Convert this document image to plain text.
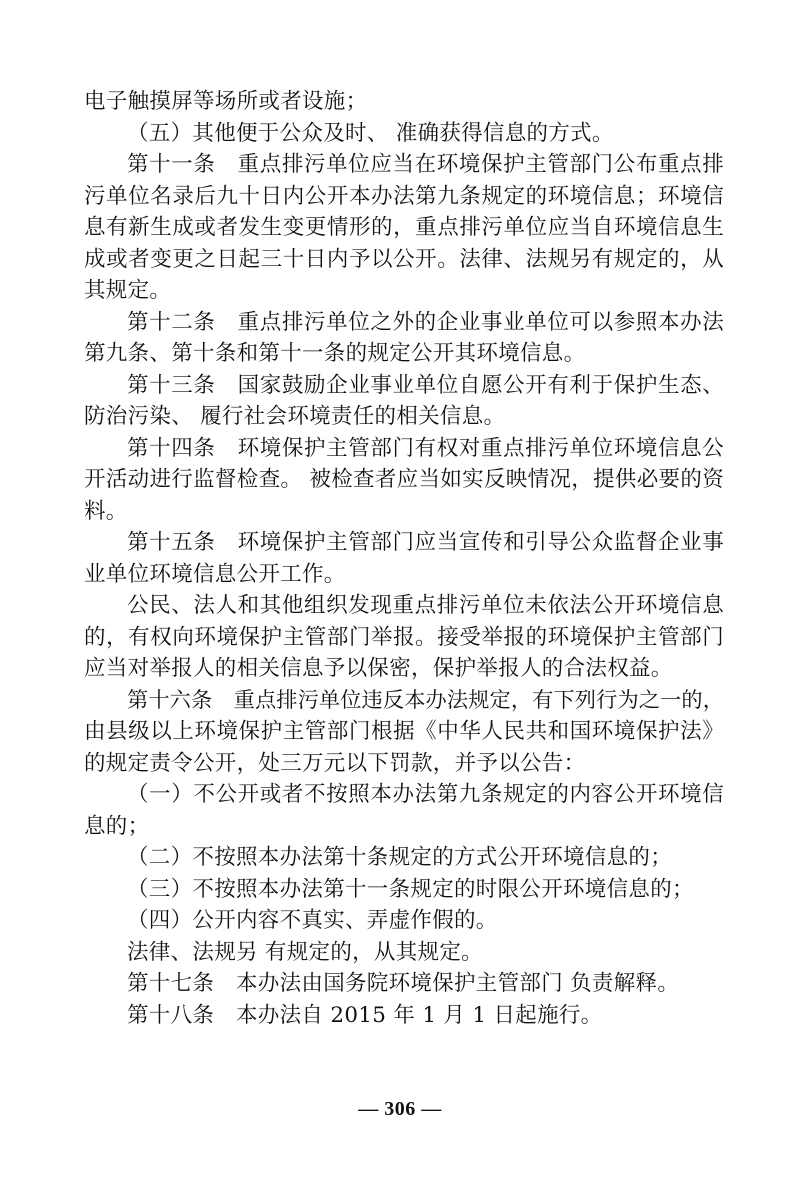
电子触摸屏等场所或者设施；
（五）其他便于公众及时、 准确获得信息的方式。
第十一条　重点排污单位应当在环境保护主管部门公布重点排
污单位名录后九十日内公开本办法第九条规定的环境信息；环境信
息有新生成或者发生变更情形的，重点排污单位应当自环境信息生
成或者变更之日起三十日内予以公开。法律、法规另有规定的，从
其规定。
第十二条　重点排污单位之外的企业事业单位可以参照本办法
第九条、第十条和第十一条的规定公开其环境信息。
第十三条　国家鼓励企业事业单位自愿公开有利于保护生态、
防治污染、 履行社会环境责任的相关信息。
第十四条　环境保护主管部门有权对重点排污单位环境信息公
开活动进行监督检查。 被检查者应当如实反映情况，提供必要的资
料。
第十五条　环境保护主管部门应当宣传和引导公众监督企业事
业单位环境信息公开工作。
公民、法人和其他组织发现重点排污单位未依法公开环境信息
的，有权向环境保护主管部门举报。接受举报的环境保护主管部门
应当对举报人的相关信息予以保密，保护举报人的合法权益。
第十六条　重点排污单位违反本办法规定，有下列行为之一的，
由县级以上环境保护主管部门根据《中华人民共和国环境保护法》
的规定责令公开，处三万元以下罚款，并予以公告：
（一）不公开或者不按照本办法第九条规定的内容公开环境信
息的；
（二）不按照本办法第十条规定的方式公开环境信息的；
（三）不按照本办法第十一条规定的时限公开环境信息的；
（四）公开内容不真实、弄虚作假的。
法律、法规另 有规定的，从其规定。
第十七条　本办法由国务院环境保护主管部门 负责解释。
第十八条　本办法自 2015 年 1 月 1 日起施行。
— 306 —
